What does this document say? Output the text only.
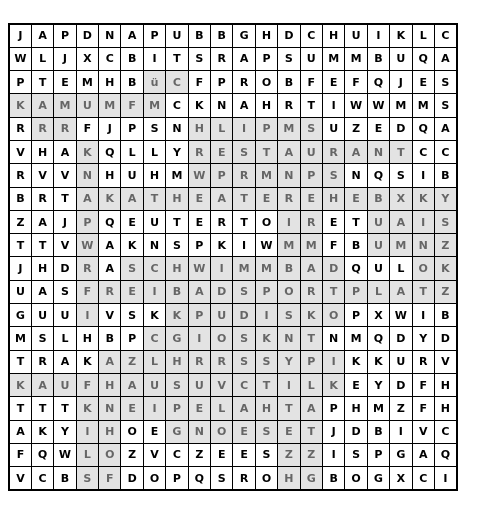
J	A	P	D	N	A	P	U	B	B	G	H	D	C	H	U	I	K	L	C
W	L	J	X	C	B	I	T	S	R	A	P	S	U	M	M	B	U	Q	A
P	T	E	M	H	B	ü	C	F	P	R	O	B	F	E	F	Q	J	E	S
K	A	M	U	M	F	M	C	K	N	A	H	R	T	I	W	W	M	M	S
R	R	R	F	J	P	S	N	H	L	I	P	M	S	U	Z	E	D	Q	A
V	H	A	K	Q	L	L	Y	R	E	S	T	A	U	R	A	N	T	C	C
R	V	V	N	H	U	H	M	W	P	R	M	N	P	S	N	Q	S	I	B
B	R	T	A	K	A	T	H	E	A	T	E	R	E	H	E	B	X	K	Y
Z	A	J	P	Q	E	U	T	E	R	T	O	I	R	E	T	U	A	I	S
T	T	V	W	A	K	N	S	P	K	I	W	M	M	F	B	U	M	N	Z
J	H	D	R	A	S	C	H	W	I	M	M	B	A	D	Q	U	L	O	K
U	A	S	F	R	E	I	B	A	D	S	P	O	R	T	P	L	A	T	Z
G	U	U	I	V	S	K	K	P	U	D	I	S	K	O	P	X	W	I	B
M	S	L	H	B	P	C	G	I	O	S	K	N	T	N	M	Q	D	Y	D
T	R	A	K	A	Z	L	H	R	R	S	S	Y	P	I	K	K	U	R	V
K	A	U	F	H	A	U	S	U	V	C	T	I	L	K	E	Y	D	F	H
T	T	T	K	N	E	I	P	E	L	A	H	T	A	P	H	M	Z	F	H
A	K	Y	I	H	O	E	G	N	O	E	S	E	T	J	D	B	I	V	C
F	Q	W	L	O	Z	V	C	Z	E	E	S	Z	Z	I	S	P	G	A	Q
V	C	B	S	F	D	O	P	Q	S	R	O	H	G	B	O	G	X	C	I
